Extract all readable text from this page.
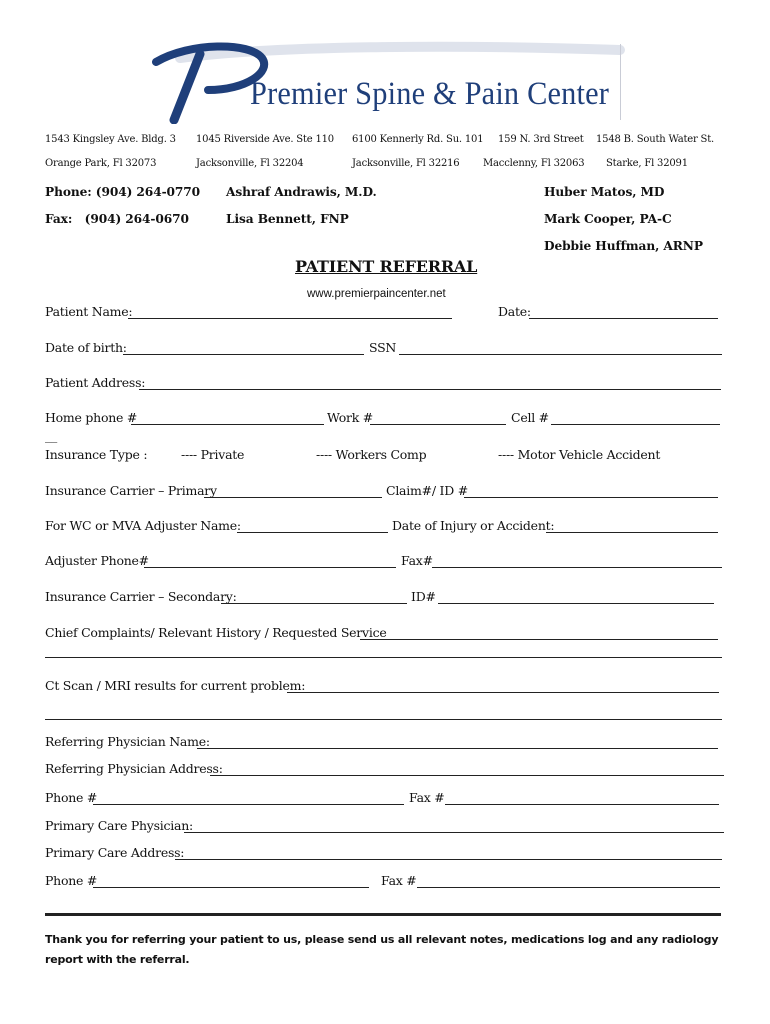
Premier Spine & Pain Center
1543 Kingsley Ave. Bldg. 3
Orange Park, Fl 32073
1045 Riverside Ave. Ste 110
Jacksonville, Fl 32204
6100 Kennerly Rd. Su. 101
Jacksonville, Fl 32216
159 N. 3rd Street
Macclenny, Fl 32063
1548 B. South Water St.
Starke, Fl 32091
Phone: (904) 264-0770
Fax:   (904) 264-0670
Ashraf Andrawis, M.D.
Lisa Bennett, FNP
Huber Matos, MD
Mark Cooper, PA-C
Debbie Huffman, ARNP
PATIENT REFERRAL
www.premierpaincenter.net
Patient Name:	Date:
Date of birth:	SSN
Patient Address:
Home phone #	Work #	Cell #
__
Insurance Type :	---- Private	---- Workers Comp	---- Motor Vehicle Accident
Insurance Carrier – Primary	Claim#/ ID #
For WC or MVA Adjuster Name:	Date of Injury or Accident:
Adjuster Phone#	Fax#
Insurance Carrier – Secondary:	ID#
Chief Complaints/ Relevant History / Requested Service
Ct Scan / MRI results for current problem:
Referring Physician Name:
Referring Physician Address:
Phone #	Fax #
Primary Care Physician:
Primary Care Address:
Phone #	Fax #
Thank you for referring your patient to us, please send us all relevant notes, medications log and any radiology report with the referral.
